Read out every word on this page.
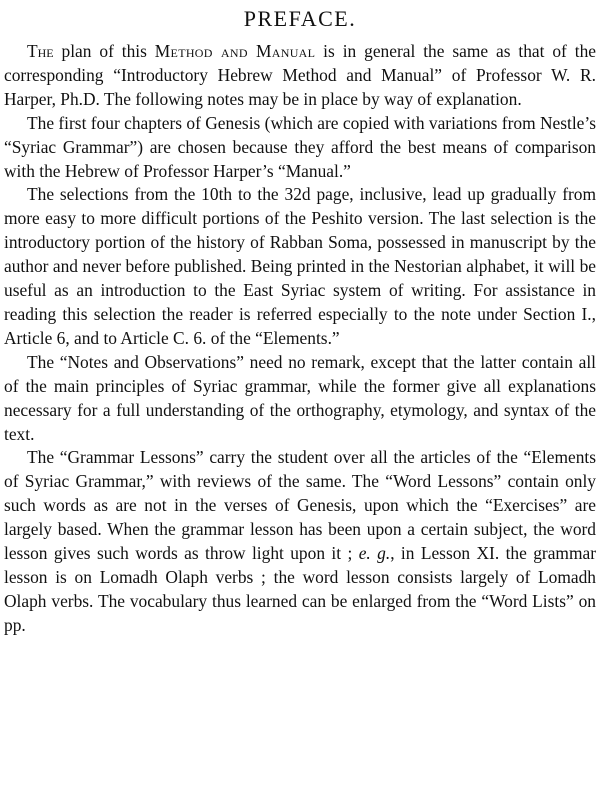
PREFACE.

The plan of this Method and Manual is in general the same as that of the corresponding “Introductory Hebrew Method and Manual” of Professor W. R. Harper, Ph.D. The following notes may be in place by way of explanation.

The first four chapters of Genesis (which are copied with variations from Nestle’s “Syriac Grammar”) are chosen because they afford the best means of comparison with the Hebrew of Professor Harper’s “Manual.”

The selections from the 10th to the 32d page, inclusive, lead up gradually from more easy to more difficult portions of the Peshito version. The last selection is the introductory portion of the history of Rabban Soma, possessed in manuscript by the author and never before published. Being printed in the Nestorian alphabet, it will be useful as an introduction to the East Syriac system of writing. For assistance in reading this selection the reader is referred especially to the note under Section I., Article 6, and to Article C. 6. of the “Elements.”

The “Notes and Observations” need no remark, except that the latter contain all of the main principles of Syriac grammar, while the former give all explanations necessary for a full understanding of the orthography, etymology, and syntax of the text.

The “Grammar Lessons” carry the student over all the articles of the “Elements of Syriac Grammar,” with reviews of the same. The “Word Lessons” contain only such words as are not in the verses of Genesis, upon which the “Exercises” are largely based. When the grammar lesson has been upon a certain subject, the word lesson gives such words as throw light upon it ; e. g., in Lesson XI. the grammar lesson is on Lomadh Olaph verbs ; the word lesson consists largely of Lomadh Olaph verbs. The vocabulary thus learned can be enlarged from the “Word Lists” on pp.
